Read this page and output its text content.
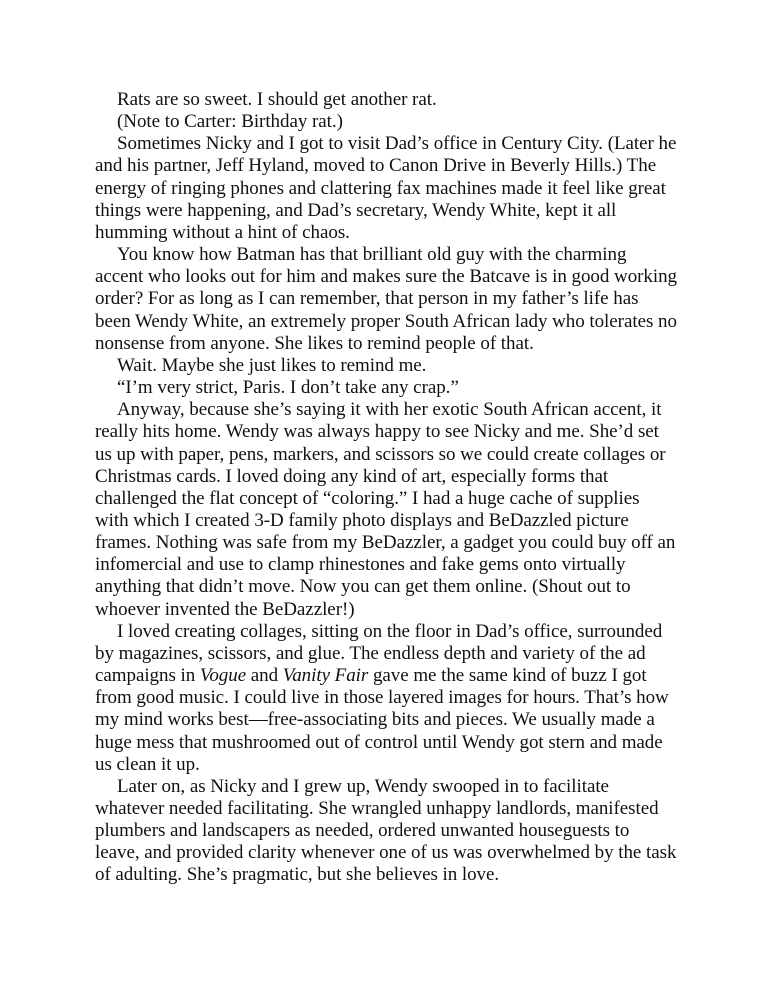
Rats are so sweet. I should get another rat.

(Note to Carter: Birthday rat.)

Sometimes Nicky and I got to visit Dad’s office in Century City. (Later he and his partner, Jeff Hyland, moved to Canon Drive in Beverly Hills.) The energy of ringing phones and clattering fax machines made it feel like great things were happening, and Dad’s secretary, Wendy White, kept it all humming without a hint of chaos.

You know how Batman has that brilliant old guy with the charming accent who looks out for him and makes sure the Batcave is in good working order? For as long as I can remember, that person in my father’s life has been Wendy White, an extremely proper South African lady who tolerates no nonsense from anyone. She likes to remind people of that.

Wait. Maybe she just likes to remind me.

“I’m very strict, Paris. I don’t take any crap.”

Anyway, because she’s saying it with her exotic South African accent, it really hits home. Wendy was always happy to see Nicky and me. She’d set us up with paper, pens, markers, and scissors so we could create collages or Christmas cards. I loved doing any kind of art, especially forms that challenged the flat concept of “coloring.” I had a huge cache of supplies with which I created 3-D family photo displays and BeDazzled picture frames. Nothing was safe from my BeDazzler, a gadget you could buy off an infomercial and use to clamp rhinestones and fake gems onto virtually anything that didn’t move. Now you can get them online. (Shout out to whoever invented the BeDazzler!)

I loved creating collages, sitting on the floor in Dad’s office, surrounded by magazines, scissors, and glue. The endless depth and variety of the ad campaigns in Vogue and Vanity Fair gave me the same kind of buzz I got from good music. I could live in those layered images for hours. That’s how my mind works best—free-associating bits and pieces. We usually made a huge mess that mushroomed out of control until Wendy got stern and made us clean it up.

Later on, as Nicky and I grew up, Wendy swooped in to facilitate whatever needed facilitating. She wrangled unhappy landlords, manifested plumbers and landscapers as needed, ordered unwanted houseguests to leave, and provided clarity whenever one of us was overwhelmed by the task of adulting. She’s pragmatic, but she believes in love.
